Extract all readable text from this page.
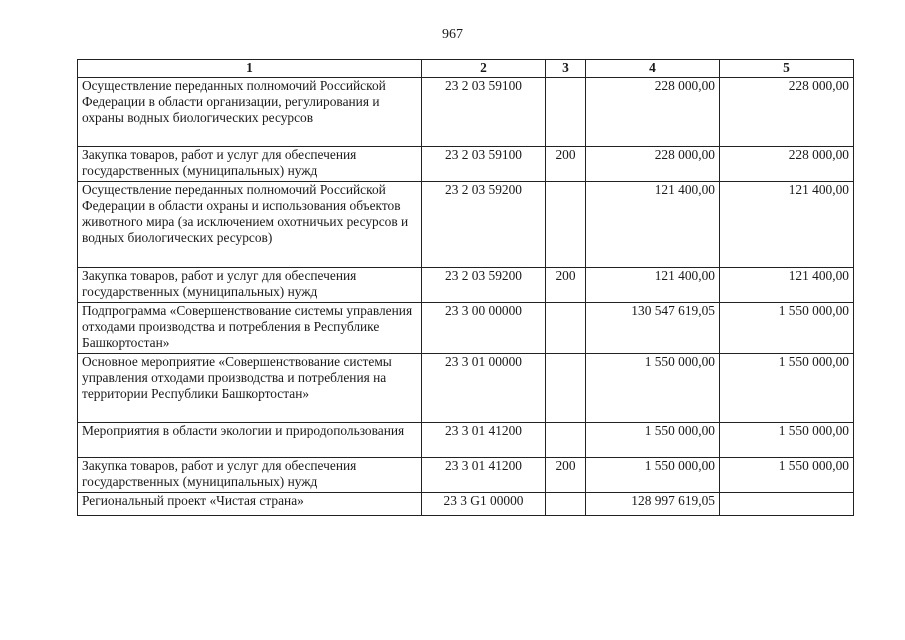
967
1	2	3	4	5
Осуществление переданных полномочий Российской Федерации в области организации, регулирования и охраны водных биологических ресурсов	23 2 03 59100		228 000,00	228 000,00
Закупка товаров, работ и услуг для обеспечения государственных (муниципальных) нужд	23 2 03 59100	200	228 000,00	228 000,00
Осуществление переданных полномочий Российской Федерации в области охраны и использования объектов животного мира (за исключением охотничьих ресурсов и водных биологических ресурсов)	23 2 03 59200		121 400,00	121 400,00
Закупка товаров, работ и услуг для обеспечения государственных (муниципальных) нужд	23 2 03 59200	200	121 400,00	121 400,00
Подпрограмма «Совершенствование системы управления отходами производства и потребления в Республике Башкортостан»	23 3 00 00000		130 547 619,05	1 550 000,00
Основное мероприятие «Совершенствование системы управления отходами производства и потребления на территории Республики Башкортостан»	23 3 01 00000		1 550 000,00	1 550 000,00
Мероприятия в области экологии и природопользования	23 3 01 41200		1 550 000,00	1 550 000,00
Закупка товаров, работ и услуг для обеспечения государственных (муниципальных) нужд	23 3 01 41200	200	1 550 000,00	1 550 000,00
Региональный проект «Чистая страна»	23 3 G1 00000		128 997 619,05	
